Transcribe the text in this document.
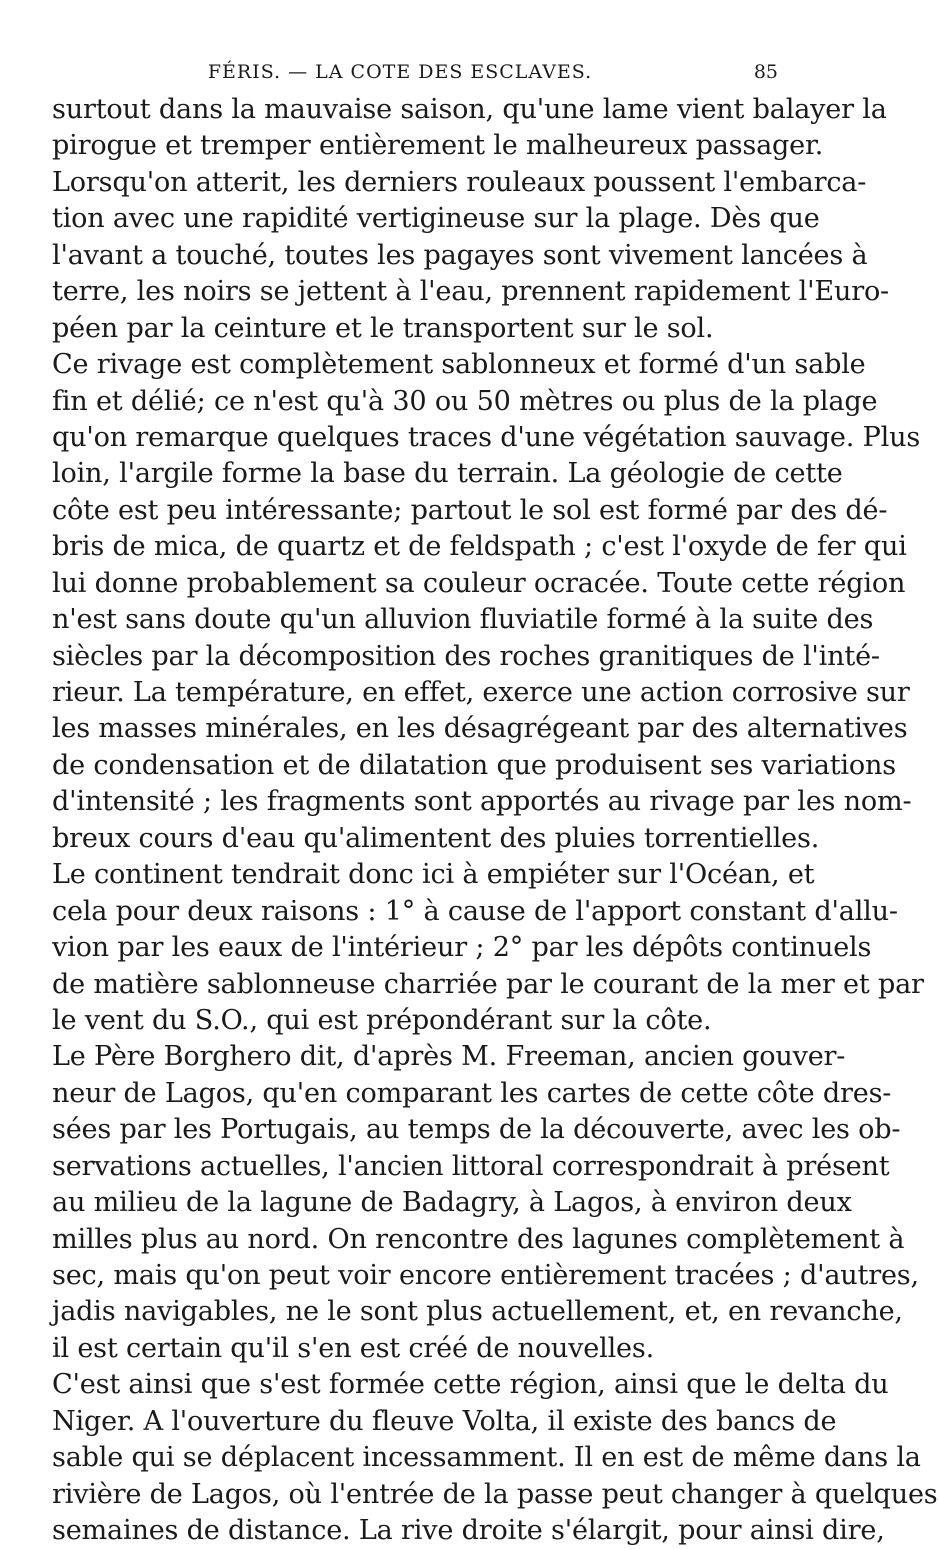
FÉRIS. — LA COTE DES ESCLAVES.	85
surtout dans la mauvaise saison, qu'une lame vient balayer la
pirogue et tremper entièrement le malheureux passager.
Lorsqu'on atterit, les derniers rouleaux poussent l'embarca-
tion avec une rapidité vertigineuse sur la plage. Dès que
l'avant a touché, toutes les pagayes sont vivement lancées à
terre, les noirs se jettent à l'eau, prennent rapidement l'Euro-
péen par la ceinture et le transportent sur le sol.
Ce rivage est complètement sablonneux et formé d'un sable
fin et délié; ce n'est qu'à 30 ou 50 mètres ou plus de la plage
qu'on remarque quelques traces d'une végétation sauvage. Plus
loin, l'argile forme la base du terrain. La géologie de cette
côte est peu intéressante; partout le sol est formé par des dé-
bris de mica, de quartz et de feldspath ; c'est l'oxyde de fer qui
lui donne probablement sa couleur ocracée. Toute cette région
n'est sans doute qu'un alluvion fluviatile formé à la suite des
siècles par la décomposition des roches granitiques de l'inté-
rieur. La température, en effet, exerce une action corrosive sur
les masses minérales, en les désagrégeant par des alternatives
de condensation et de dilatation que produisent ses variations
d'intensité ; les fragments sont apportés au rivage par les nom-
breux cours d'eau qu'alimentent des pluies torrentielles.
Le continent tendrait donc ici à empiéter sur l'Océan, et
cela pour deux raisons : 1° à cause de l'apport constant d'allu-
vion par les eaux de l'intérieur ; 2° par les dépôts continuels
de matière sablonneuse charriée par le courant de la mer et par
le vent du S.O., qui est prépondérant sur la côte.
Le Père Borghero dit, d'après M. Freeman, ancien gouver-
neur de Lagos, qu'en comparant les cartes de cette côte dres-
sées par les Portugais, au temps de la découverte, avec les ob-
servations actuelles, l'ancien littoral correspondrait à présent
au milieu de la lagune de Badagry, à Lagos, à environ deux
milles plus au nord. On rencontre des lagunes complètement à
sec, mais qu'on peut voir encore entièrement tracées ; d'autres,
jadis navigables, ne le sont plus actuellement, et, en revanche,
il est certain qu'il s'en est créé de nouvelles.
C'est ainsi que s'est formée cette région, ainsi que le delta du
Niger. A l'ouverture du fleuve Volta, il existe des bancs de
sable qui se déplacent incessamment. Il en est de même dans la
rivière de Lagos, où l'entrée de la passe peut changer à quelques
semaines de distance. La rive droite s'élargit, pour ainsi dire,
